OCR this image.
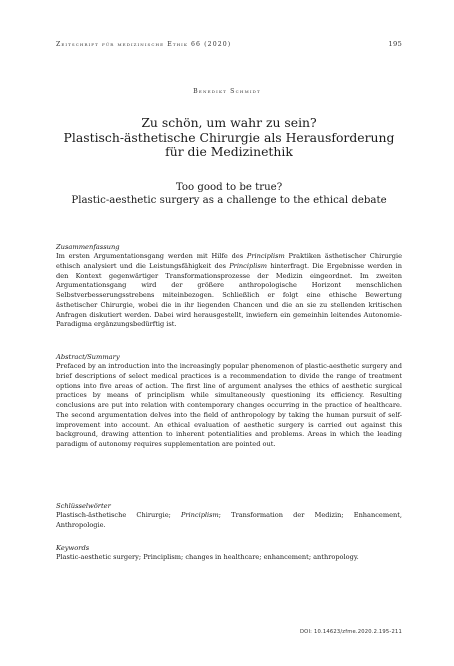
Zeitschrift für medizinische Ethik 66 (2020)	195
Benedikt Schmidt

Zu schön, um wahr zu sein?

Plastisch-ästhetische Chirurgie als Herausforderung

für die Medizinethik

Too good to be true?
Plastic-aesthetic surgery as a challenge to the ethical debate

Zusammenfassung

Im ersten Argumentationsgang werden mit Hilfe des Principlism Praktiken ästhetischer Chirurgie ethisch analysiert und die Leistungsfähigkeit des Principlism hinterfragt. Die Ergebnisse werden in den Kontext gegenwärtiger Transformationsprozesse der Medizin eingeordnet. Im zweiten Argumentationsgang wird der größere anthropologische Horizont menschlichen Selbstverbesserungsstrebens miteinbezogen. Schließlich er folgt eine ethische Bewertung ästhetischer Chirurgie, wobei die in ihr liegenden Chancen und die an sie zu stellenden kritischen Anfragen diskutiert werden. Dabei wird herausgestellt, inwiefern ein gemeinhin leitendes Autonomie-Paradigma ergänzungsbedürftig ist.

Abstract/Summary

Prefaced by an introduction into the increasingly popular phenomenon of plastic-aesthetic surgery and brief descriptions of select medical practices is a recommendation to divide the range of treatment options into five areas of action. The first line of argument analyses the ethics of aesthetic surgical practices by means of principlism while simultaneously questioning its efficiency. Resulting conclusions are put into relation with contemporary changes occurring in the practice of healthcare. The second argumentation delves into the field of anthropology by taking the human pursuit of self-improvement into account. An ethical evaluation of aesthetic surgery is carried out against this background, drawing attention to inherent potentialities and problems. Areas in which the leading paradigm of autonomy requires supplementation are pointed out.

Schlüsselwörter

Plastisch-ästhetische Chirurgie; Principlism; Transformation der Medizin; Enhancement, Anthropologie.

Keywords

Plastic-aesthetic surgery; Principlism; changes in healthcare; enhancement; anthropology.

DOI: 10.14623/zfme.2020.2.195-211
